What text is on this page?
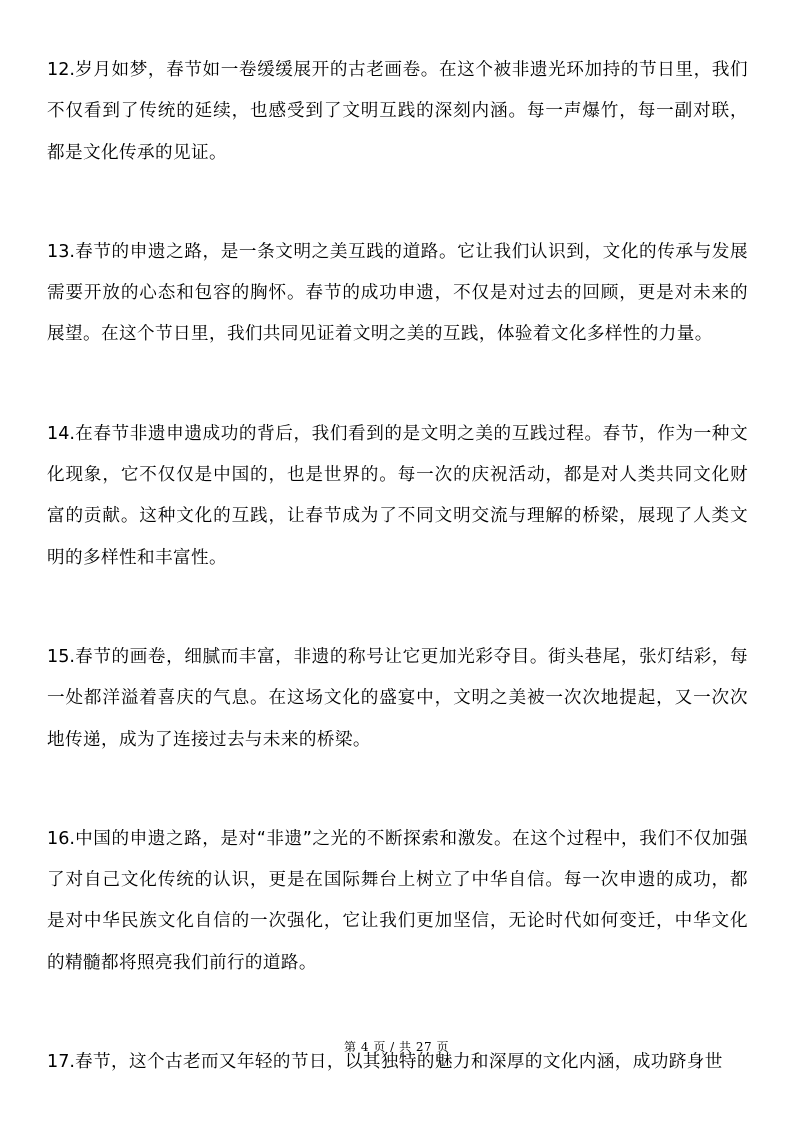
12.岁月如梦，春节如一卷缓缓展开的古老画卷。在这个被非遗光环加持的节日里，我们不仅看到了传统的延续，也感受到了文明互践的深刻内涵。每一声爆竹，每一副对联，都是文化传承的见证。

13.春节的申遗之路，是一条文明之美互践的道路。它让我们认识到，文化的传承与发展需要开放的心态和包容的胸怀。春节的成功申遗，不仅是对过去的回顾，更是对未来的展望。在这个节日里，我们共同见证着文明之美的互践，体验着文化多样性的力量。

14.在春节非遗申遗成功的背后，我们看到的是文明之美的互践过程。春节，作为一种文化现象，它不仅仅是中国的，也是世界的。每一次的庆祝活动，都是对人类共同文化财富的贡献。这种文化的互践，让春节成为了不同文明交流与理解的桥梁，展现了人类文明的多样性和丰富性。

15.春节的画卷，细腻而丰富，非遗的称号让它更加光彩夺目。街头巷尾，张灯结彩，每一处都洋溢着喜庆的气息。在这场文化的盛宴中，文明之美被一次次地提起，又一次次地传递，成为了连接过去与未来的桥梁。

16.中国的申遗之路，是对“非遗”之光的不断探索和激发。在这个过程中，我们不仅加强了对自己文化传统的认识，更是在国际舞台上树立了中华自信。每一次申遗的成功，都是对中华民族文化自信的一次强化，它让我们更加坚信，无论时代如何变迁，中华文化的精髓都将照亮我们前行的道路。

17.春节，这个古老而又年轻的节日，以其独特的魅力和深厚的文化内涵，成功跻身世

第 4 页 / 共 27 页
